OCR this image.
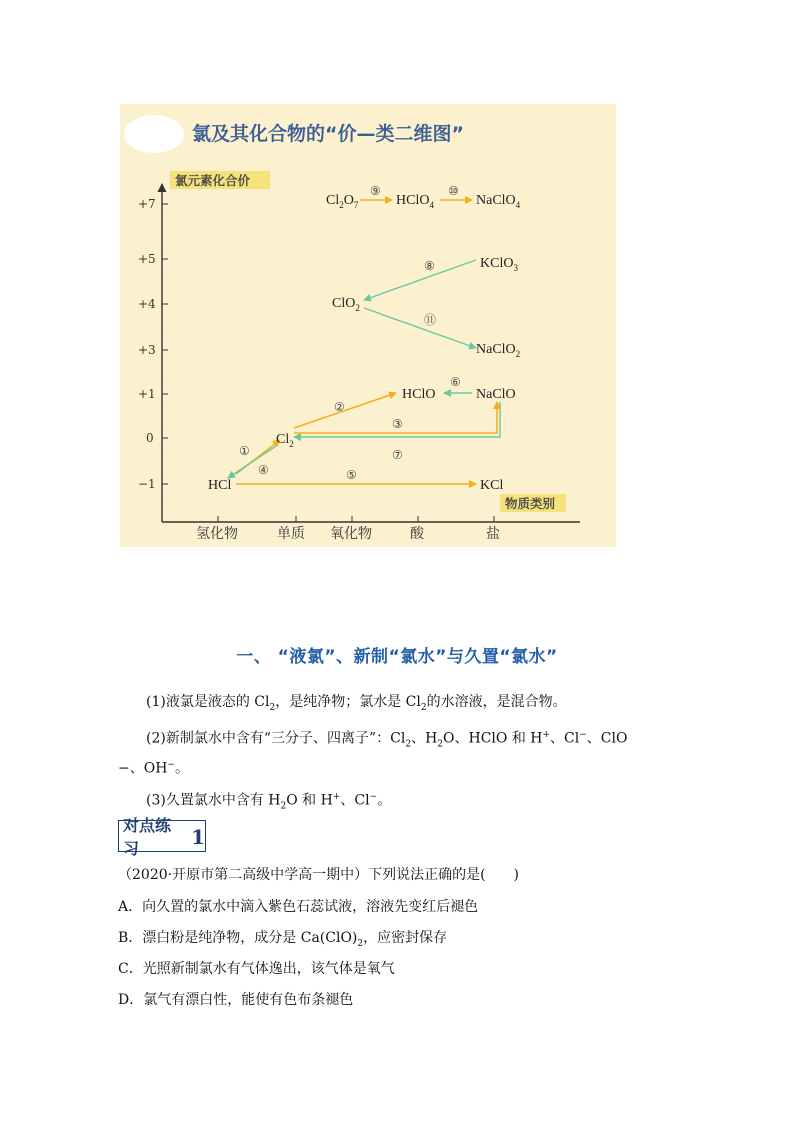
氯及其化合物的“价—类二维图”
氯元素化合价
+7
+5
+4
+3
+1
0
−1
氢化物	单质 氧化物	酸	盐
物质类别
$Cl_2O_7$	HClO$_4$	NaClO$_4$
KClO$_3$
ClO$_2$
NaClO$_2$
HClO	NaClO
$Cl_2$
HCl	KCl
①
②
③
④	⑤
⑥
⑦
⑧
⑨	⑩
⑪
一、 “液氯”、新制“氯水”与久置“氯水”
(1)液氯是液态的 $Cl_2$，是纯净物；氯水是 $Cl_2$的水溶液，是混合物。
(2)新制氯水中含有“三分子、四离子”：$Cl_2$、$H_2O$、HClO 和 H+、Cl−、ClO
−、OH−。
(3)久置氯水中含有 $H_2O$ 和 H+、Cl−。
对点练习	1
（2020·开原市第二高级中学高一期中）下列说法正确的是(　　)
A．向久置的氯水中滴入紫色石蕊试液，溶液先变红后褪色
B．漂白粉是纯净物，成分是 $Ca(ClO)_2$，应密封保存
C．光照新制氯水有气体逸出，该气体是氧气
D．氯气有漂白性，能使有色布条褪色
